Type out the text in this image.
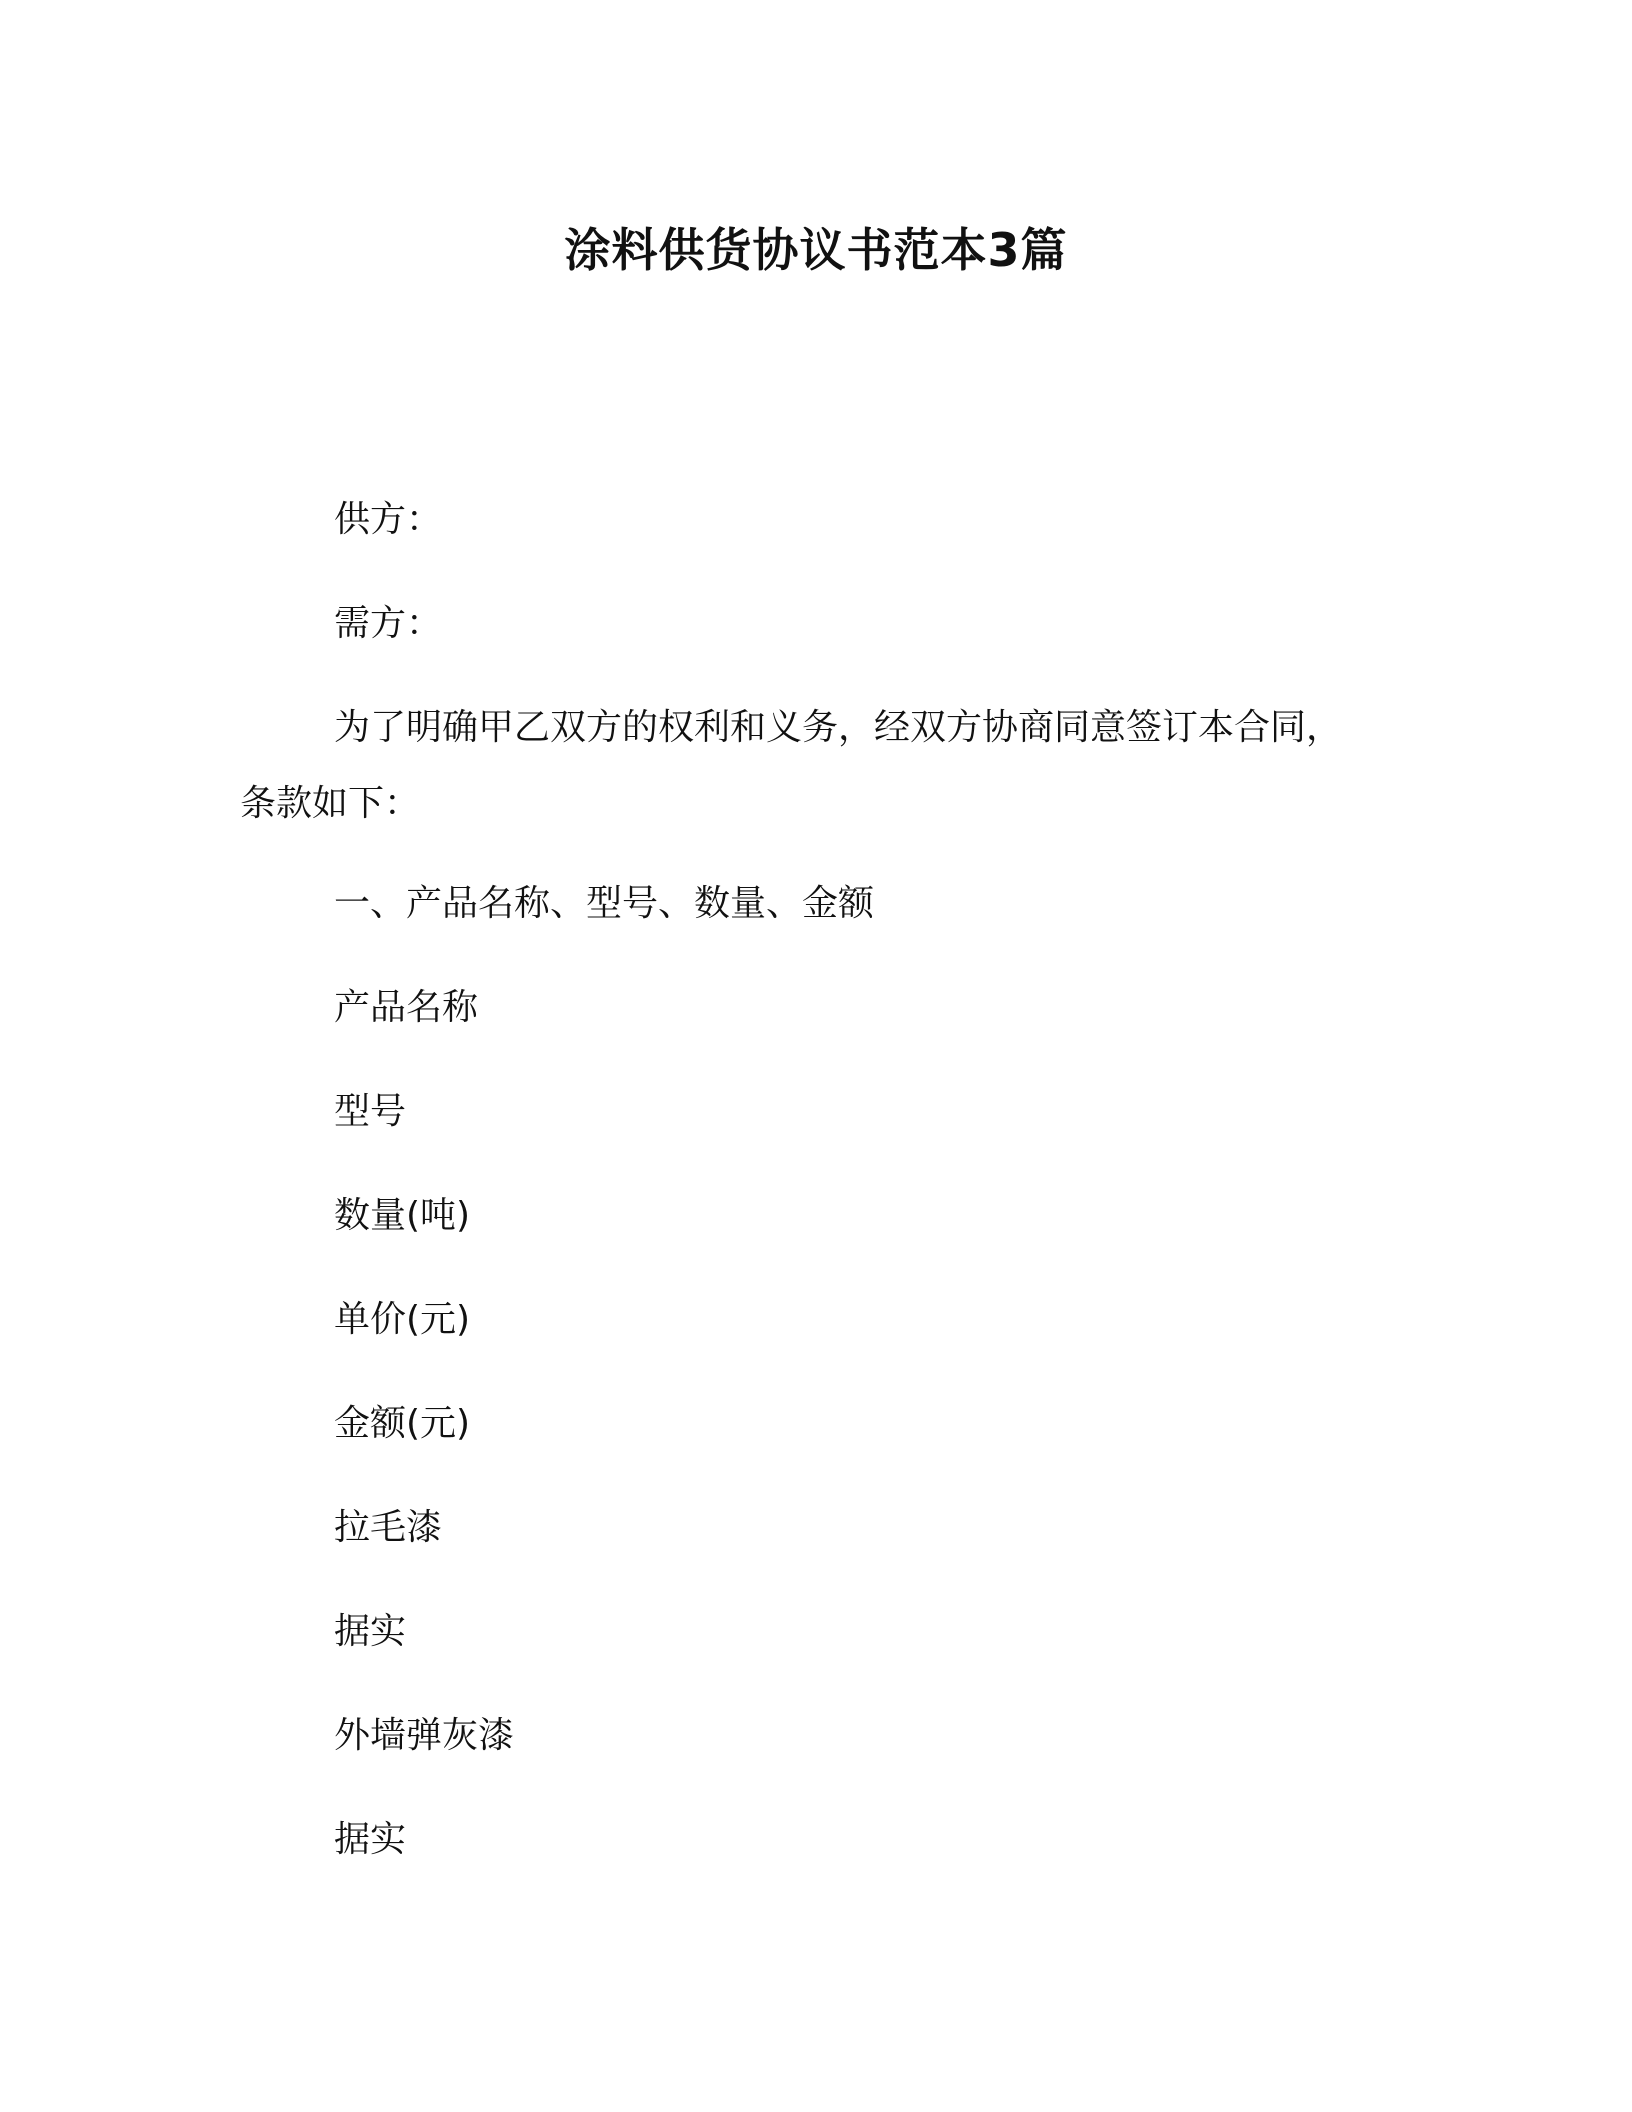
涂料供货协议书范本3篇
供方：
需方：
为了明确甲乙双方的权利和义务，经双方协商同意签订本合同，
条款如下：
一、产品名称、型号、数量、金额
产品名称
型号
数量(吨)
单价(元)
金额(元)
拉毛漆
据实
外墙弹灰漆
据实
